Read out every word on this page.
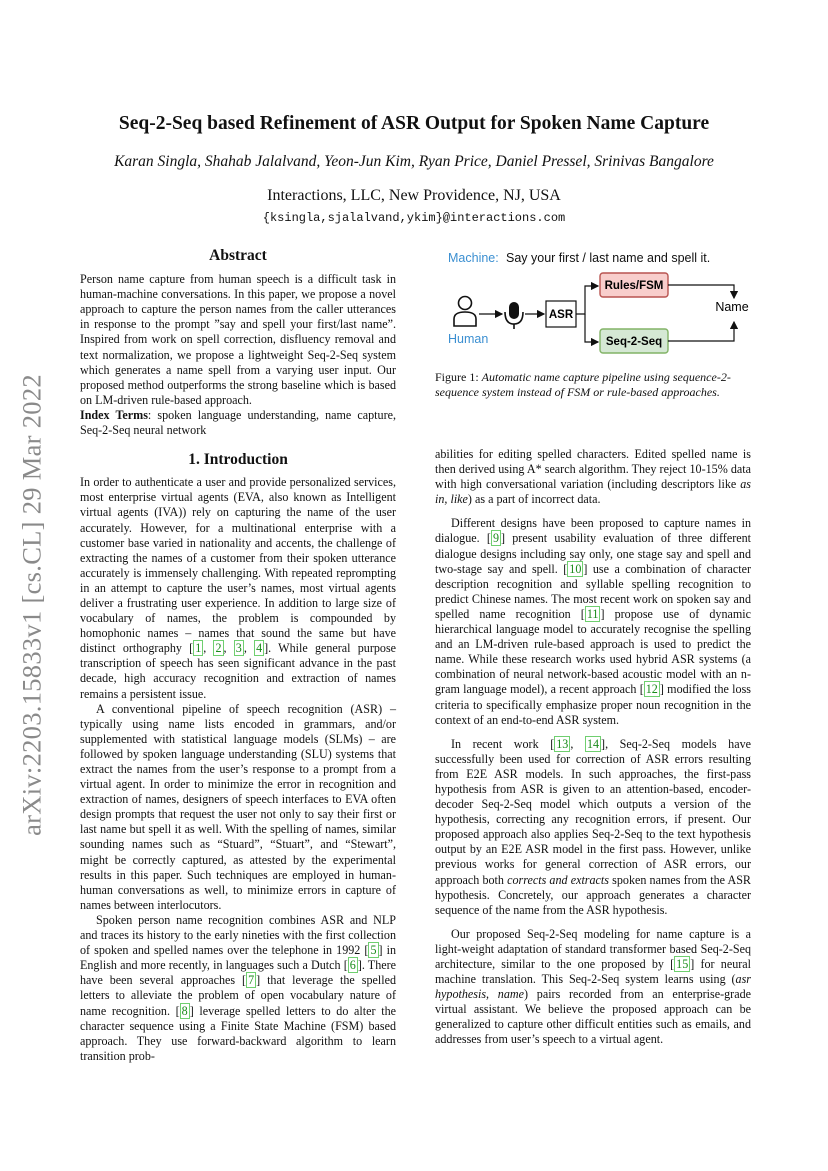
Seq-2-Seq based Refinement of ASR Output for Spoken Name Capture
Karan Singla, Shahab Jalalvand, Yeon-Jun Kim, Ryan Price, Daniel Pressel, Srinivas Bangalore
Interactions, LLC, New Providence, NJ, USA
{ksingla,sjalalvand,ykim}@interactions.com
arXiv:2203.15833v1 [cs.CL] 29 Mar 2022
Abstract

Person name capture from human speech is a difficult task in human-machine conversations. In this paper, we propose a novel approach to capture the person names from the caller utterances in response to the prompt ”say and spell your first/last name”. Inspired from work on spell correction, disfluency removal and text normalization, we propose a lightweight Seq-2-Seq system which generates a name spell from a varying user input. Our proposed method outperforms the strong baseline which is based on LM-driven rule-based approach.

Index Terms: spoken language understanding, name capture, Seq-2-Seq neural network

1. Introduction

In order to authenticate a user and provide personalized services, most enterprise virtual agents (EVA, also known as Intelligent virtual agents (IVA)) rely on capturing the name of the user accurately. However, for a multinational enterprise with a customer base varied in nationality and accents, the challenge of extracting the names of a customer from their spoken utterance accurately is immensely challenging. With repeated reprompting in an attempt to capture the user’s names, most virtual agents deliver a frustrating user experience. In addition to large size of vocabulary of names, the problem is compounded by homophonic names – names that sound the same but have distinct orthography [ 1 , 2 , 3 , 4 ]. While general purpose transcription of speech has seen significant advance in the past decade, high accuracy recognition and extraction of names remains a persistent issue.

A conventional pipeline of speech recognition (ASR) – typically using name lists encoded in grammars, and/or supplemented with statistical language models (SLMs) – are followed by spoken language understanding (SLU) systems that extract the names from the user’s response to a prompt from a virtual agent. In order to minimize the error in recognition and extraction of names, designers of speech interfaces to EVA often design prompts that request the user not only to say their first or last name but spell it as well. With the spelling of names, similar sounding names such as “Stuard”, “Stuart”, and “Stewart”, might be correctly captured, as attested by the experimental results in this paper. Such techniques are employed in human-human conversations as well, to minimize errors in capture of names between interlocutors.

Spoken person name recognition combines ASR and NLP and traces its history to the early nineties with the first collection of spoken and spelled names over the telephone in 1992 [ 5 ] in English and more recently, in languages such a Dutch [ 6 ]. There have been several approaches [ 7 ] that leverage the spelled letters to alleviate the problem of open vocabulary nature of name recognition. [ 8 ] leverage spelled letters to do alter the character sequence using a Finite State Machine (FSM) based approach. They use forward-backward algorithm to learn transition prob-

Machine: Say your first / last name and spell it.
Human
ASR
Rules/FSM
Seq-2-Seq
Name
Figure 1: Automatic name capture pipeline using sequence-2-sequence system instead of FSM or rule-based approaches.

abilities for editing spelled characters. Edited spelled name is then derived using A* search algorithm. They reject 10-15% data with high conversational variation (including descriptors like as in, like) as a part of incorrect data.

Different designs have been proposed to capture names in dialogue. [ 9 ] present usability evaluation of three different dialogue designs including say only, one stage say and spell and two-stage say and spell. [ 10 ] use a combination of character description recognition and syllable spelling recognition to predict Chinese names. The most recent work on spoken say and spelled name recognition [ 11 ] propose use of dynamic hierarchical language model to accurately recognise the spelling and an LM-driven rule-based approach is used to predict the name. While these research works used hybrid ASR systems (a combination of neural network-based acoustic model with an n-gram language model), a recent approach [ 12 ] modified the loss criteria to specifically emphasize proper noun recognition in the context of an end-to-end ASR system.

In recent work [ 13 , 14 ], Seq-2-Seq models have successfully been used for correction of ASR errors resulting from E2E ASR models. In such approaches, the first-pass hypothesis from ASR is given to an attention-based, encoder-decoder Seq-2-Seq model which outputs a version of the hypothesis, correcting any recognition errors, if present. Our proposed approach also applies Seq-2-Seq to the text hypothesis output by an E2E ASR model in the first pass. However, unlike previous works for general correction of ASR errors, our approach both corrects and extracts spoken names from the ASR hypothesis. Concretely, our approach generates a character sequence of the name from the ASR hypothesis.

Our proposed Seq-2-Seq modeling for name capture is a light-weight adaptation of standard transformer based Seq-2-Seq architecture, similar to the one proposed by [ 15 ] for neural machine translation. This Seq-2-Seq system learns using (asr hypothesis, name) pairs recorded from an enterprise-grade virtual assistant. We believe the proposed approach can be generalized to capture other difficult entities such as emails, and addresses from user’s speech to a virtual agent.
